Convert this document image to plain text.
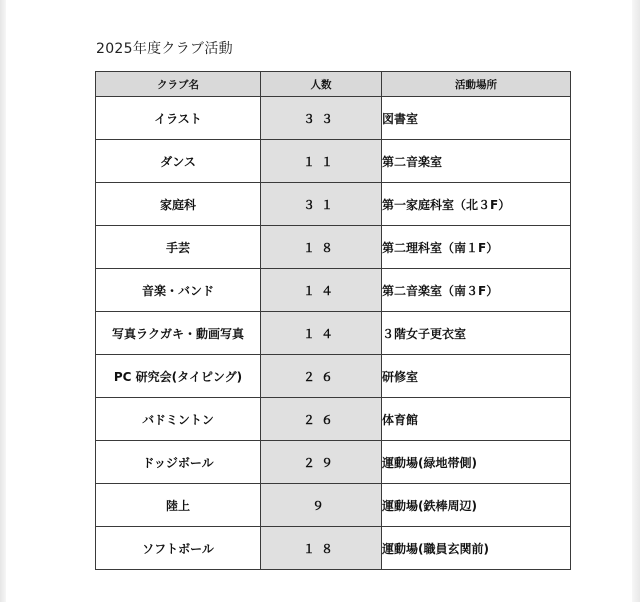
2025年度クラブ活動
クラブ名	人数	活動場所
イラスト	３３	図書室
ダンス	１１	第二音楽室
家庭科	３１	第一家庭科室（北３F）
手芸	１８	第二理科室（南１F）
音楽・バンド	１４	第二音楽室（南３F）
写真ラクガキ・動画写真	１４	３階女子更衣室
PC 研究会(タイピング)	２６	研修室
バドミントン	２６	体育館
ドッジボール	２９	運動場(緑地帯側)
陸上	９	運動場(鉄棒周辺)
ソフトボール	１８	運動場(職員玄関前)
